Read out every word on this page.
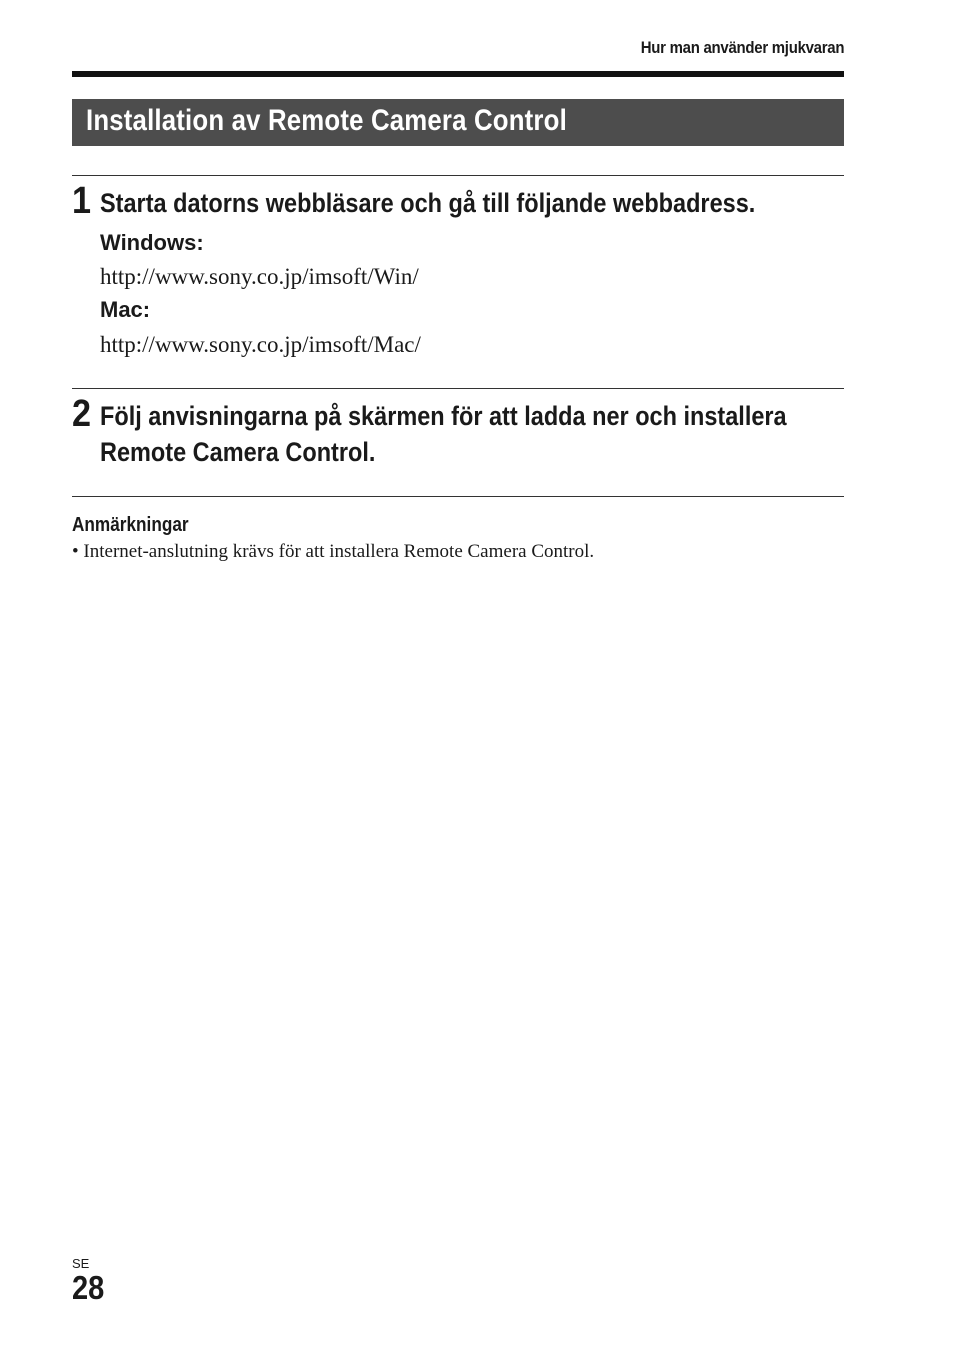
Hur man använder mjukvaran
Installation av Remote Camera Control
1 Starta datorns webbläsare och gå till följande webbadress.
Windows:
http://www.sony.co.jp/imsoft/Win/
Mac:
http://www.sony.co.jp/imsoft/Mac/
2 Följ anvisningarna på skärmen för att ladda ner och installera
Remote Camera Control.
Anmärkningar
• Internet-anslutning krävs för att installera Remote Camera Control.
SE
28
